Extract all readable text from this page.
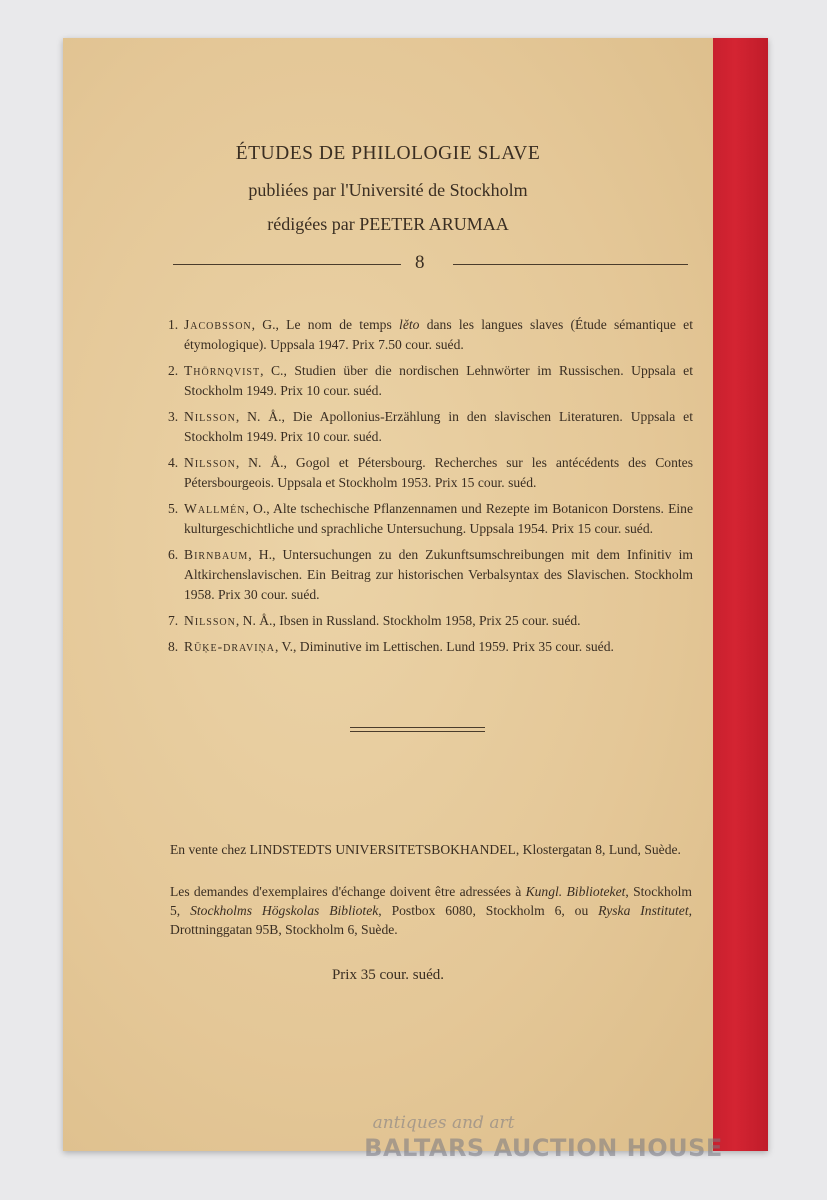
ÉTUDES DE PHILOLOGIE SLAVE
publiées par l'Université de Stockholm
rédigées par PEETER ARUMAA
8
1. Jacobsson, G., Le nom de temps lěto dans les langues slaves (Étude sémantique et étymologique). Uppsala 1947. Prix 7.50 cour. suéd.
2. Thörnqvist, C., Studien über die nordischen Lehnwörter im Russischen. Uppsala et Stockholm 1949. Prix 10 cour. suéd.
3. Nilsson, N. Å., Die Apollonius-Erzählung in den slavischen Literaturen. Uppsala et Stockholm 1949. Prix 10 cour. suéd.
4. Nilsson, N. Å., Gogol et Pétersbourg. Recherches sur les antécédents des Contes Pétersbourgeois. Uppsala et Stockholm 1953. Prix 15 cour. suéd.
5. Wallmén, O., Alte tschechische Pflanzennamen und Rezepte im Botanicon Dorstens. Eine kulturgeschichtliche und sprachliche Untersuchung. Uppsala 1954. Prix 15 cour. suéd.
6. Birnbaum, H., Untersuchungen zu den Zukunftsumschreibungen mit dem Infinitiv im Altkirchenslavischen. Ein Beitrag zur historischen Verbalsyntax des Slavischen. Stockholm 1958. Prix 30 cour. suéd.
7. Nilsson, N. Å., Ibsen in Russland. Stockholm 1958, Prix 25 cour. suéd.
8. Rūķe-draviņa, V., Diminutive im Lettischen. Lund 1959. Prix 35 cour. suéd.
En vente chez LINDSTEDTS UNIVERSITETSBOKHANDEL, Klostergatan 8, Lund, Suède.
Les demandes d'exemplaires d'échange doivent être adressées à Kungl. Biblioteket, Stockholm 5, Stockholms Högskolas Bibliotek, Postbox 6080, Stockholm 6, ou Ryska Institutet, Drottninggatan 95B, Stockholm 6, Suède.
Prix 35 cour. suéd.
antiques and art
BALTARS AUCTION HOUSE
